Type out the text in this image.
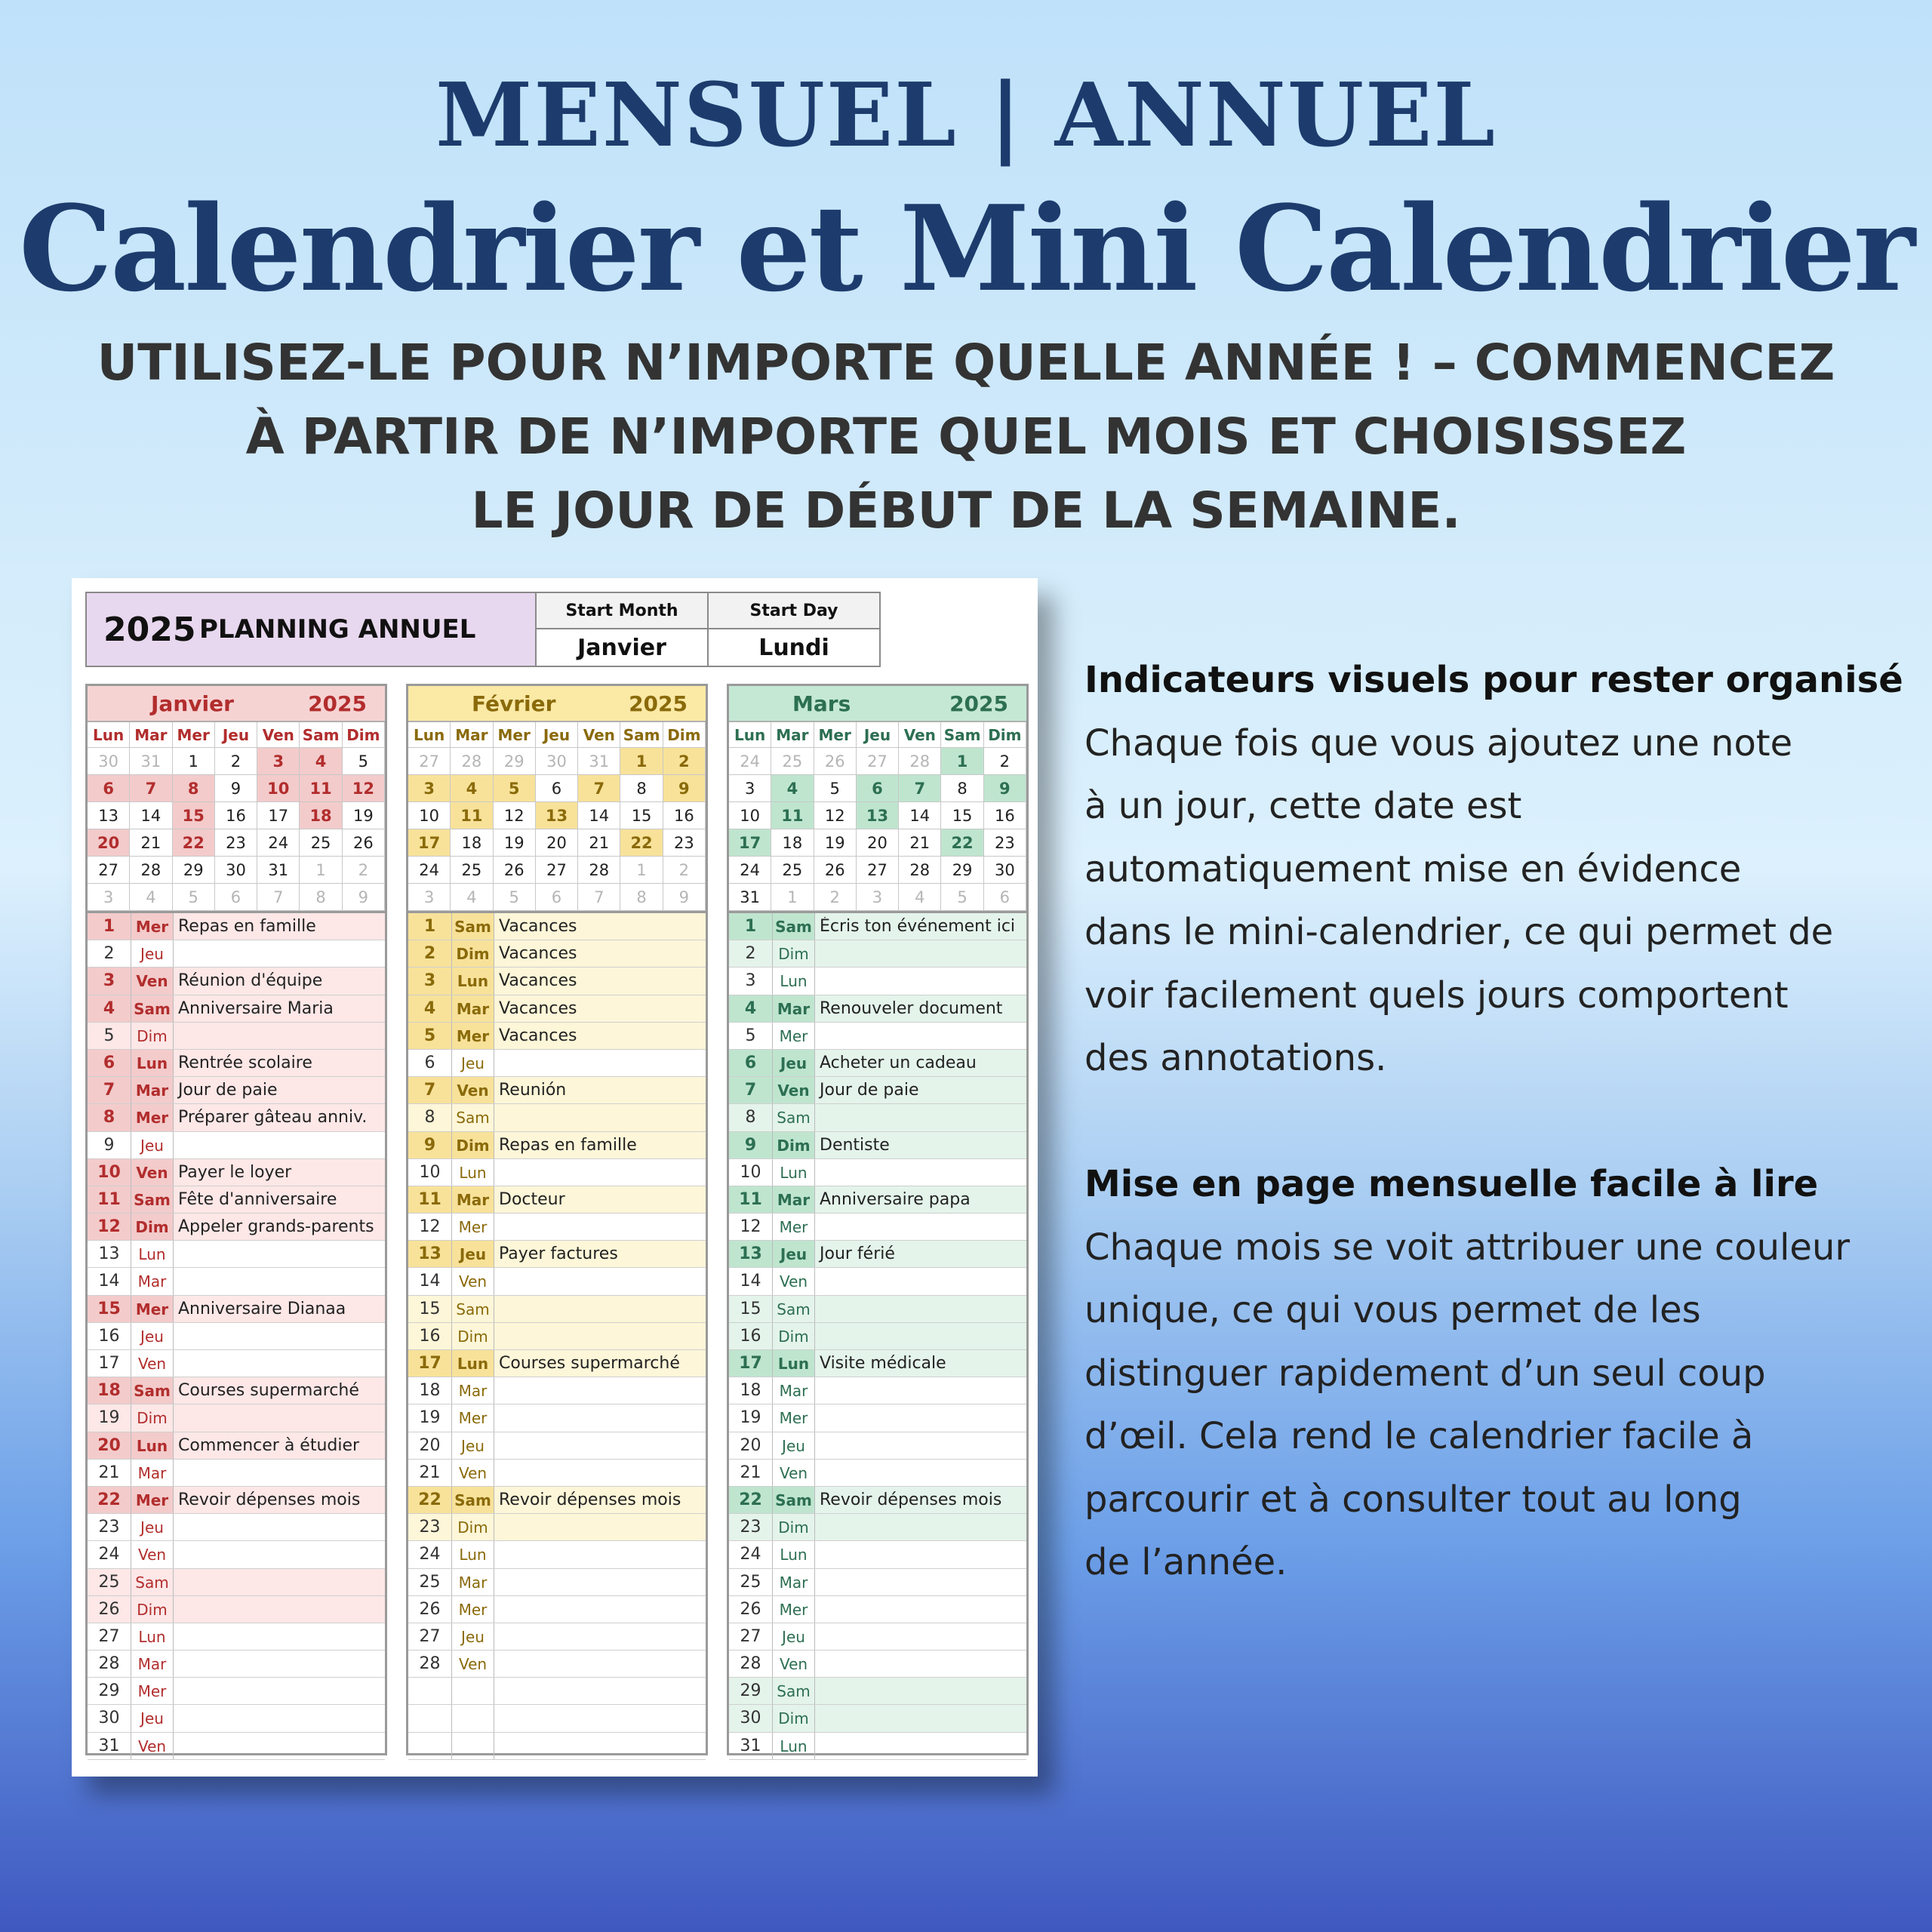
MENSUEL | ANNUEL
Calendrier et Mini Calendrier
UTILISEZ-LE POUR N’IMPORTE QUELLE ANNÉE ! – COMMENCEZ
À PARTIR DE N’IMPORTE QUEL MOIS ET CHOISISSEZ
LE JOUR DE DÉBUT DE LA SEMAINE.
2025	PLANNING ANNUEL	Start Month	Start Day
		Janvier	Lundi
Janvier	2025
Lun Mar Mer Jeu Ven Sam Dim
30	31	1	2	3	4	5
6	7	8	9	10	11	12
13	14	15	16	17	18	19
20	21	22	23	24	25	26
27	28	29	30	31	1	2
3	4	5	6	7	8	9
1	Mer Repas en famille
2	Jeu
3	Ven Réunion d'équipe
4	Sam Anniversaire Maria
5	Dim
6	Lun Rentrée scolaire
7	Mar Jour de paie
8	Mer Préparer gâteau anniv.
9	Jeu
10	Ven Payer le loyer
11 Sam Fête d'anniversaire
12 Dim Appeler grands-parents
13	Lun
14	Mar
15	Mer Anniversaire Dianaa
16	Jeu
17	Ven
18 Sam Courses supermarché
19	Dim
20	Lun Commencer à étudier
21	Mar
22	Mer Revoir dépenses mois
23	Jeu
24	Ven
25	Sam
26	Dim
27	Lun
28	Mar
29	Mer
30	Jeu
31	Ven
Février	2025
Lun Mar Mer Jeu Ven Sam Dim
27	28	29	30	31	1	2
3	4	5	6	7	8	9
10	11	12	13	14	15	16
17	18	19	20	21	22	23
24	25	26	27	28	1	2
3	4	5	6	7	8	9
1	Sam Vacances
2	Dim Vacances
3	Lun Vacances
4	Mar Vacances
5	Mer Vacances
6	Jeu
7	Ven Reunión
8	Sam
9	Dim Repas en famille
10	Lun
11	Mar Docteur
12	Mer
13	Jeu Payer factures
14	Ven
15	Sam
16	Dim
17	Lun Courses supermarché
18	Mar
19	Mer
20	Jeu
21	Ven
22 Sam Revoir dépenses mois
23	Dim
24	Lun
25	Mar
26	Mer
27	Jeu
28	Ven
Mars	2025
Lun Mar Mer Jeu Ven Sam Dim
24	25	26	27	28	1	2
3	4	5	6	7	8	9
10	11	12	13	14	15	16
17	18	19	20	21	22	23
24	25	26	27	28	29	30
31	1	2	3	4	5	6
1	Sam Écris ton événement ici
2	Dim
3	Lun
4	Mar Renouveler document
5	Mer
6	Jeu Acheter un cadeau
7	Ven Jour de paie
8	Sam
9	Dim Dentiste
10	Lun
11	Mar Anniversaire papa
12	Mer
13	Jeu Jour férié
14	Ven
15	Sam
16	Dim
17	Lun Visite médicale
18	Mar
19	Mer
20	Jeu
21	Ven
22 Sam Revoir dépenses mois
23	Dim
24	Lun
25	Mar
26	Mer
27	Jeu
28	Ven
29	Sam
30	Dim
31	Lun
Indicateurs visuels pour rester organisé
Chaque fois que vous ajoutez une note
à un jour, cette date est
automatiquement mise en évidence
dans le mini-calendrier, ce qui permet de
voir facilement quels jours comportent
des annotations.
Mise en page mensuelle facile à lire
Chaque mois se voit attribuer une couleur
unique, ce qui vous permet de les
distinguer rapidement d’un seul coup
d’œil. Cela rend le calendrier facile à
parcourir et à consulter tout au long
de l’année.
